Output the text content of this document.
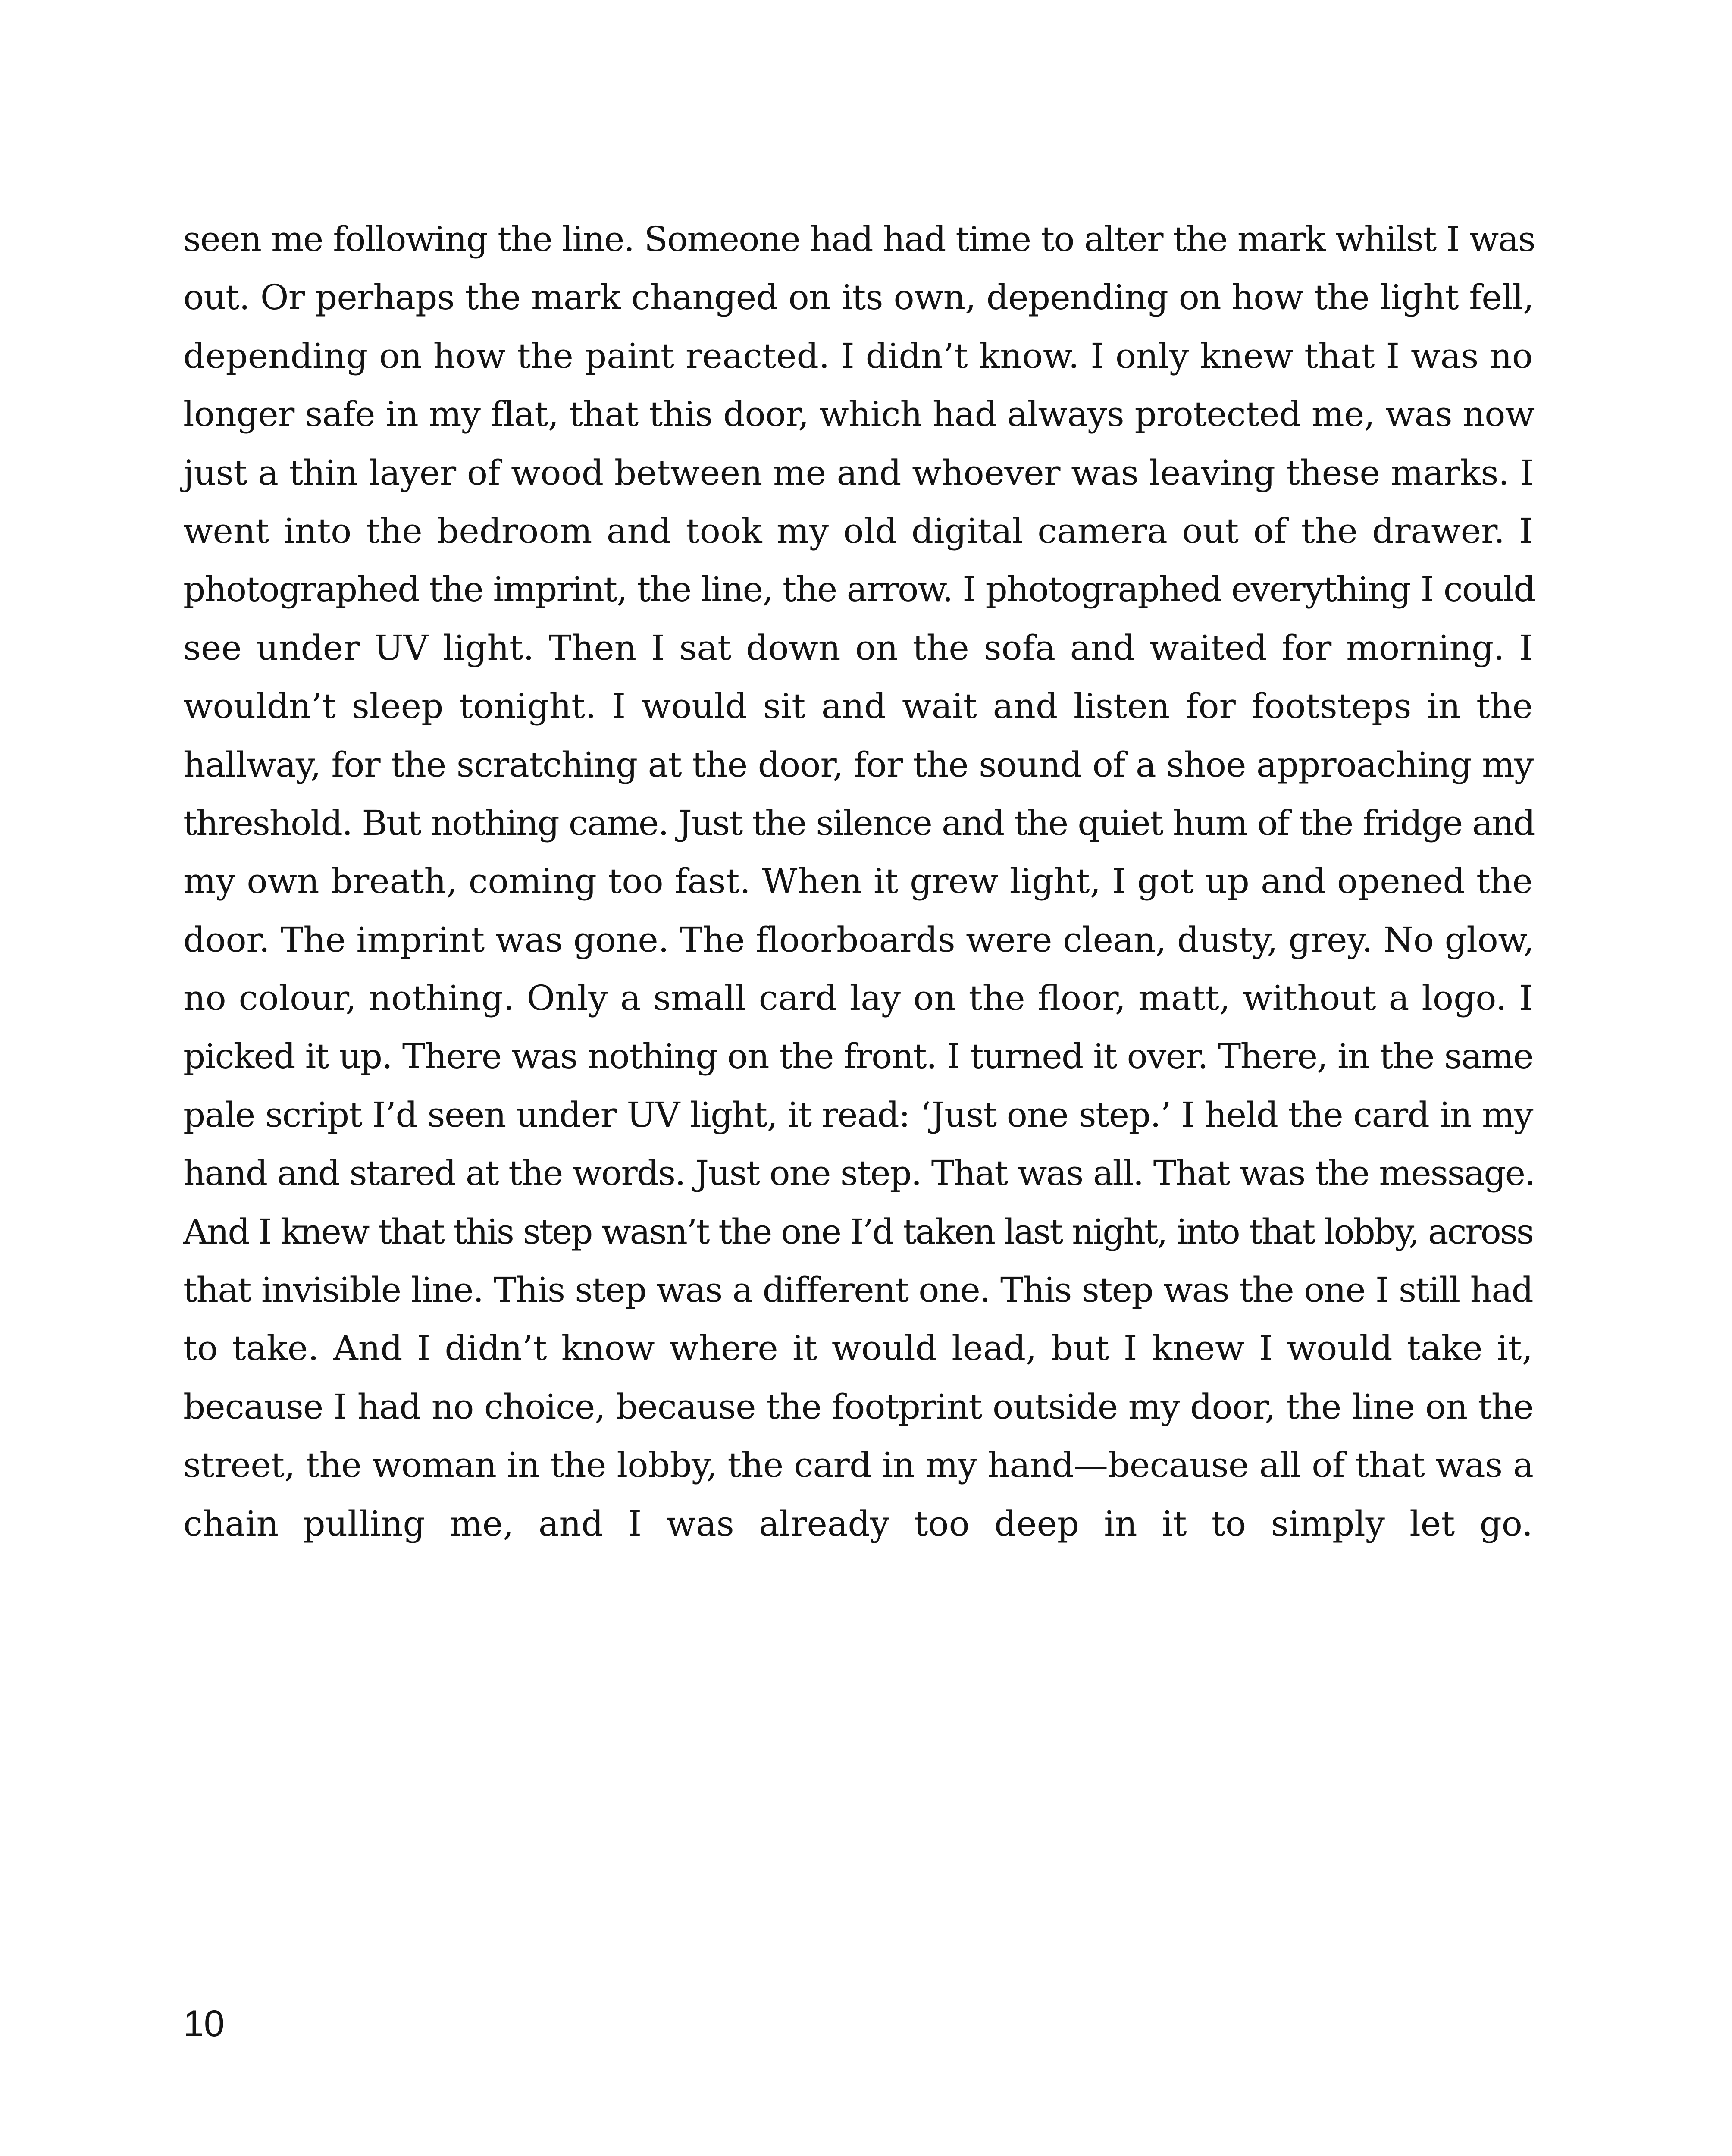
seen me following the line. Someone had had time to alter the mark whilst I was
out. Or perhaps the mark changed on its own, depending on how the light fell,
depending on how the paint reacted. I didn’t know. I only knew that I was no
longer safe in my flat, that this door, which had always protected me, was now
just a thin layer of wood between me and whoever was leaving these marks. I
went into the bedroom and took my old digital camera out of the drawer. I
photographed the imprint, the line, the arrow. I photographed everything I could
see under UV light. Then I sat down on the sofa and waited for morning. I
wouldn’t sleep tonight. I would sit and wait and listen for footsteps in the
hallway, for the scratching at the door, for the sound of a shoe approaching my
threshold. But nothing came. Just the silence and the quiet hum of the fridge and
my own breath, coming too fast. When it grew light, I got up and opened the
door. The imprint was gone. The floorboards were clean, dusty, grey. No glow,
no colour, nothing. Only a small card lay on the floor, matt, without a logo. I
picked it up. There was nothing on the front. I turned it over. There, in the same
pale script I’d seen under UV light, it read: ‘Just one step.’ I held the card in my
hand and stared at the words. Just one step. That was all. That was the message.
And I knew that this step wasn’t the one I’d taken last night, into that lobby, across
that invisible line. This step was a different one. This step was the one I still had
to take. And I didn’t know where it would lead, but I knew I would take it,
because I had no choice, because the footprint outside my door, the line on the
street, the woman in the lobby, the card in my hand—because all of that was a
chain pulling me, and I was already too deep in it to simply let go.
10
